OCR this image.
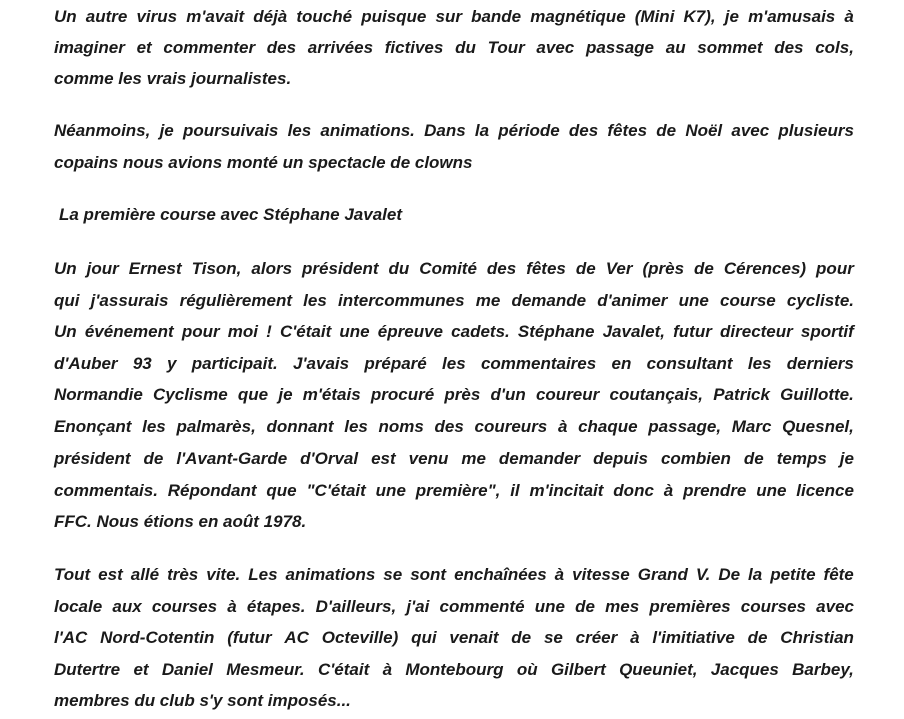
Un autre virus m'avait déjà touché puisque sur bande magnétique (Mini K7), je m'amusais à
imaginer et commenter des arrivées fictives du Tour avec passage au sommet des cols,
comme les vrais journalistes.
Néanmoins, je poursuivais les animations. Dans la période des fêtes de Noël avec plusieurs
copains nous avions monté un spectacle de clowns
La première course avec Stéphane Javalet
Un jour Ernest Tison, alors président du Comité des fêtes de Ver (près de Cérences) pour
qui j'assurais régulièrement les intercommunes me demande d'animer une course cycliste.
Un événement pour moi ! C'était une épreuve cadets. Stéphane Javalet, futur directeur sportif
d'Auber 93 y participait. J'avais préparé les commentaires en consultant les derniers
Normandie Cyclisme que je m'étais procuré près d'un coureur coutançais, Patrick Guillotte.
Enonçant les palmarès, donnant les noms des coureurs à chaque passage, Marc Quesnel,
président de l'Avant-Garde d'Orval est venu me demander depuis combien de temps je
commentais. Répondant que "C'était une première", il m'incitait donc à prendre une licence
FFC. Nous étions en août 1978.
Tout est allé très vite. Les animations se sont enchaînées à vitesse Grand V. De la petite fête
locale aux courses à étapes. D'ailleurs, j'ai commenté une de mes premières courses avec
l'AC Nord-Cotentin (futur AC Octeville) qui venait de se créer à l'imitiative de Christian
Dutertre et Daniel Mesmeur. C'était à Montebourg où Gilbert Queuniet, Jacques Barbey,
membres du club s'y sont imposés...
